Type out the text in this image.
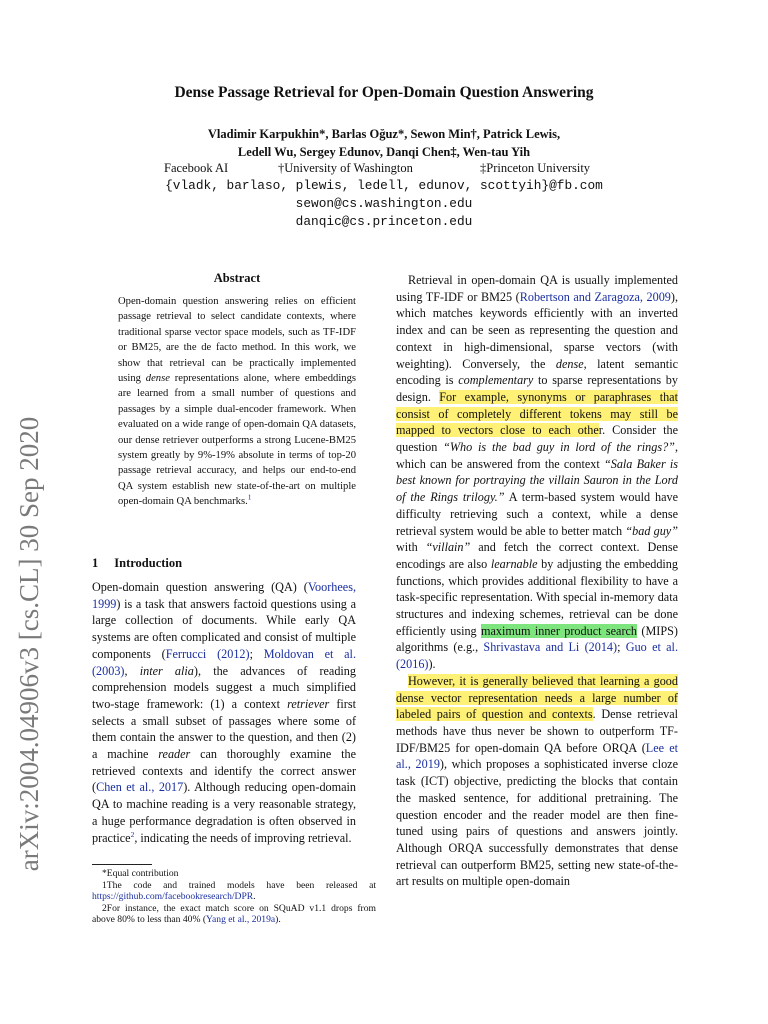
arXiv:2004.04906v3 [cs.CL] 30 Sep 2020
Dense Passage Retrieval for Open-Domain Question Answering
Vladimir Karpukhin*, Barlas Oğuz*, Sewon Min†, Patrick Lewis,
Ledell Wu, Sergey Edunov, Danqi Chen‡, Wen-tau Yih
Facebook AI	†University of Washington	‡Princeton University
{vladk, barlaso, plewis, ledell, edunov, scottyih}@fb.com
sewon@cs.washington.edu
danqic@cs.princeton.edu
Abstract
Open-domain question answering relies on efficient passage retrieval to select candidate contexts, where traditional sparse vector space models, such as TF-IDF or BM25, are the de facto method. In this work, we show that retrieval can be practically implemented using dense representations alone, where embeddings are learned from a small number of questions and passages by a simple dual-encoder framework. When evaluated on a wide range of open-domain QA datasets, our dense retriever outperforms a strong Lucene-BM25 system greatly by 9%-19% absolute in terms of top-20 passage retrieval accuracy, and helps our end-to-end QA system establish new state-of-the-art on multiple open-domain QA benchmarks.$^1$
1 Introduction
Open-domain question answering (QA) (Voorhees, 1999) is a task that answers factoid questions using a large collection of documents. While early QA systems are often complicated and consist of multiple components (Ferrucci (2012); Moldovan et al. (2003), inter alia), the advances of reading comprehension models suggest a much simplified two-stage framework: (1) a context retriever first selects a small subset of passages where some of them contain the answer to the question, and then (2) a machine reader can thoroughly examine the retrieved contexts and identify the correct answer (Chen et al., 2017). Although reducing open-domain QA to machine reading is a very reasonable strategy, a huge performance degradation is often observed in practice$^2$, indicating the needs of improving retrieval.

Retrieval in open-domain QA is usually implemented using TF-IDF or BM25 (Robertson and Zaragoza, 2009), which matches keywords efficiently with an inverted index and can be seen as representing the question and context in high-dimensional, sparse vectors (with weighting). Conversely, the dense, latent semantic encoding is complementary to sparse representations by design. For example, synonyms or paraphrases that consist of completely different tokens may still be mapped to vectors close to each other. Consider the question “Who is the bad guy in lord of the rings?”, which can be answered from the context “Sala Baker is best known for portraying the villain Sauron in the Lord of the Rings trilogy.” A term-based system would have difficulty retrieving such a context, while a dense retrieval system would be able to better match “bad guy” with “villain” and fetch the correct context. Dense encodings are also learnable by adjusting the embedding functions, which provides additional flexibility to have a task-specific representation. With special in-memory data structures and indexing schemes, retrieval can be done efficiently using maximum inner product search (MIPS) algorithms (e.g., Shrivastava and Li (2014); Guo et al. (2016)).

However, it is generally believed that learning a good dense vector representation needs a large number of labeled pairs of question and contexts. Dense retrieval methods have thus never be shown to outperform TF-IDF/BM25 for open-domain QA before ORQA (Lee et al., 2019), which proposes a sophisticated inverse cloze task (ICT) objective, predicting the blocks that contain the masked sentence, for additional pretraining. The question encoder and the reader model are then fine-tuned using pairs of questions and answers jointly. Although ORQA successfully demonstrates that dense retrieval can outperform BM25, setting new state-of-the-art results on multiple open-domain

*Equal contribution

1The code and trained models have been released at https://github.com/facebookresearch/DPR.

2For instance, the exact match score on SQuAD v1.1 drops from above 80% to less than 40% (Yang et al., 2019a).
